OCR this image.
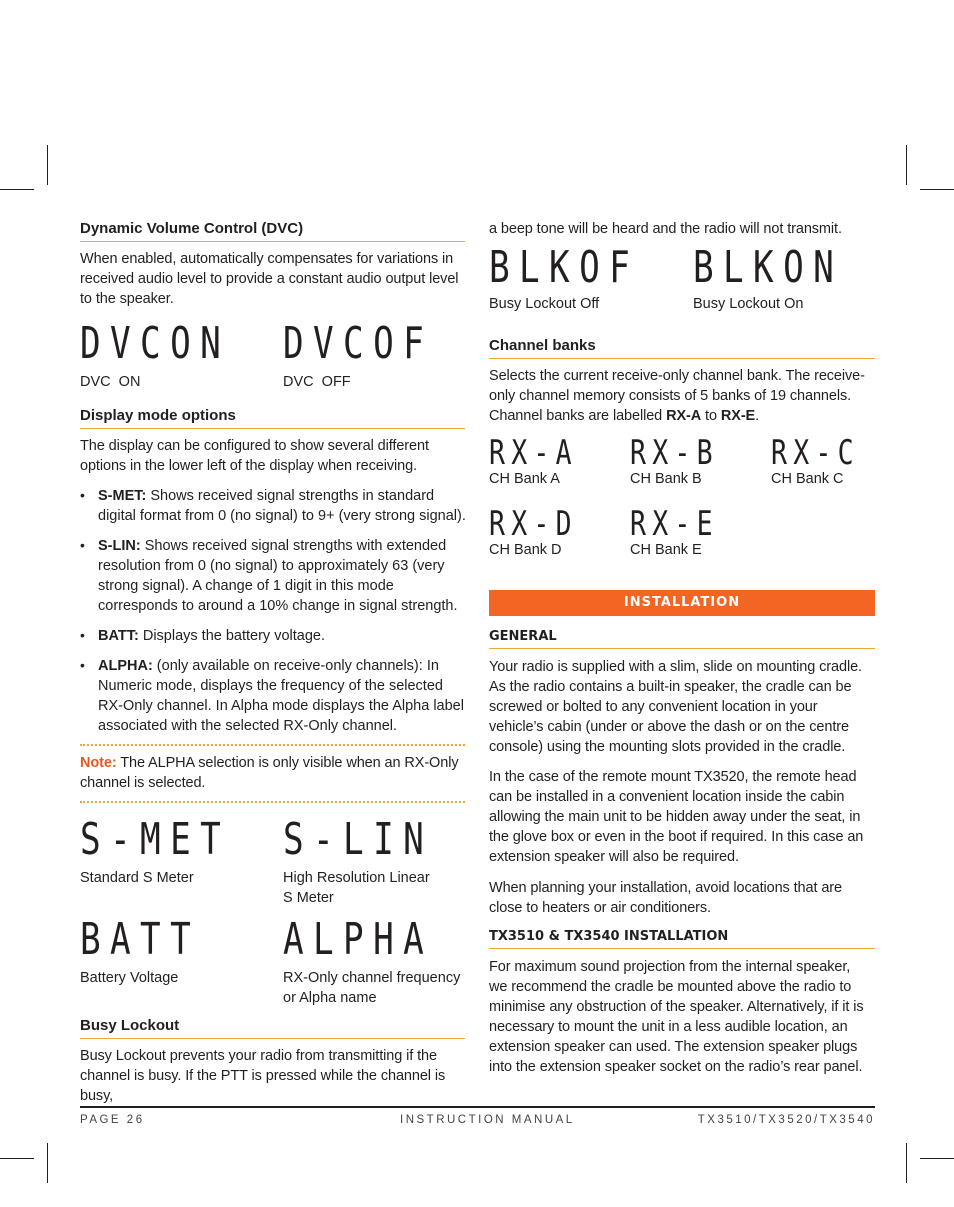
Dynamic Volume Control (DVC)
When enabled, automatically compensates for variations in received audio level to provide a constant audio output level to the speaker.
DVCON DVCOF
DVC  ON	DVC  OFF
Display mode options
The display can be configured to show several different options in the lower left of the display when receiving.
• S-MET: Shows received signal strengths in standard digital format from 0 (no signal) to 9+ (very strong signal).
• S-LIN: Shows received signal strengths with extended resolution from 0 (no signal) to approximately 63 (very strong signal). A change of 1 digit in this mode corresponds to around a 10% change in signal strength.
• BATT: Displays the battery voltage.
• ALPHA: (only available on receive-only channels): In Numeric mode, displays the frequency of the selected RX-Only channel. In Alpha mode displays the Alpha label associated with the selected RX-Only channel.
Note: The ALPHA selection is only visible when an RX-Only channel is selected.
S-MET S-LIN
Standard S Meter	High Resolution Linear S Meter
BATT ALPHA
Battery Voltage	RX-Only channel frequency or Alpha name
Busy Lockout
Busy Lockout prevents your radio from transmitting if the channel is busy. If the PTT is pressed while the channel is busy,
a beep tone will be heard and the radio will not transmit.
BLKOF BLKON
Busy Lockout Off	Busy Lockout On
Channel banks
Selects the current receive-only channel bank. The receive-only channel memory consists of 5 banks of 19 channels. Channel banks are labelled RX-A to RX-E.
RX-A RX-B RX-C
CH Bank A	CH Bank B	CH Bank C
RX-D RX-E
CH Bank D	CH Bank E
INSTALLATION
GENERAL
Your radio is supplied with a slim, slide on mounting cradle. As the radio contains a built-in speaker, the cradle can be screwed or bolted to any convenient location in your vehicle’s cabin (under or above the dash or on the centre console) using the mounting slots provided in the cradle.
In the case of the remote mount TX3520, the remote head can be installed in a convenient location inside the cabin allowing the main unit to be hidden away under the seat, in the glove box or even in the boot if required. In this case an extension speaker will also be required.
When planning your installation, avoid locations that are close to heaters or air conditioners.
TX3510 & TX3540 INSTALLATION
For maximum sound projection from the internal speaker, we recommend the cradle be mounted above the radio to minimise any obstruction of the speaker. Alternatively, if it is necessary to mount the unit in a less audible location, an extension speaker can used. The extension speaker plugs into the extension speaker socket on the radio’s rear panel.
PAGE 26	INSTRUCTION MANUAL	TX3510/TX3520/TX3540
